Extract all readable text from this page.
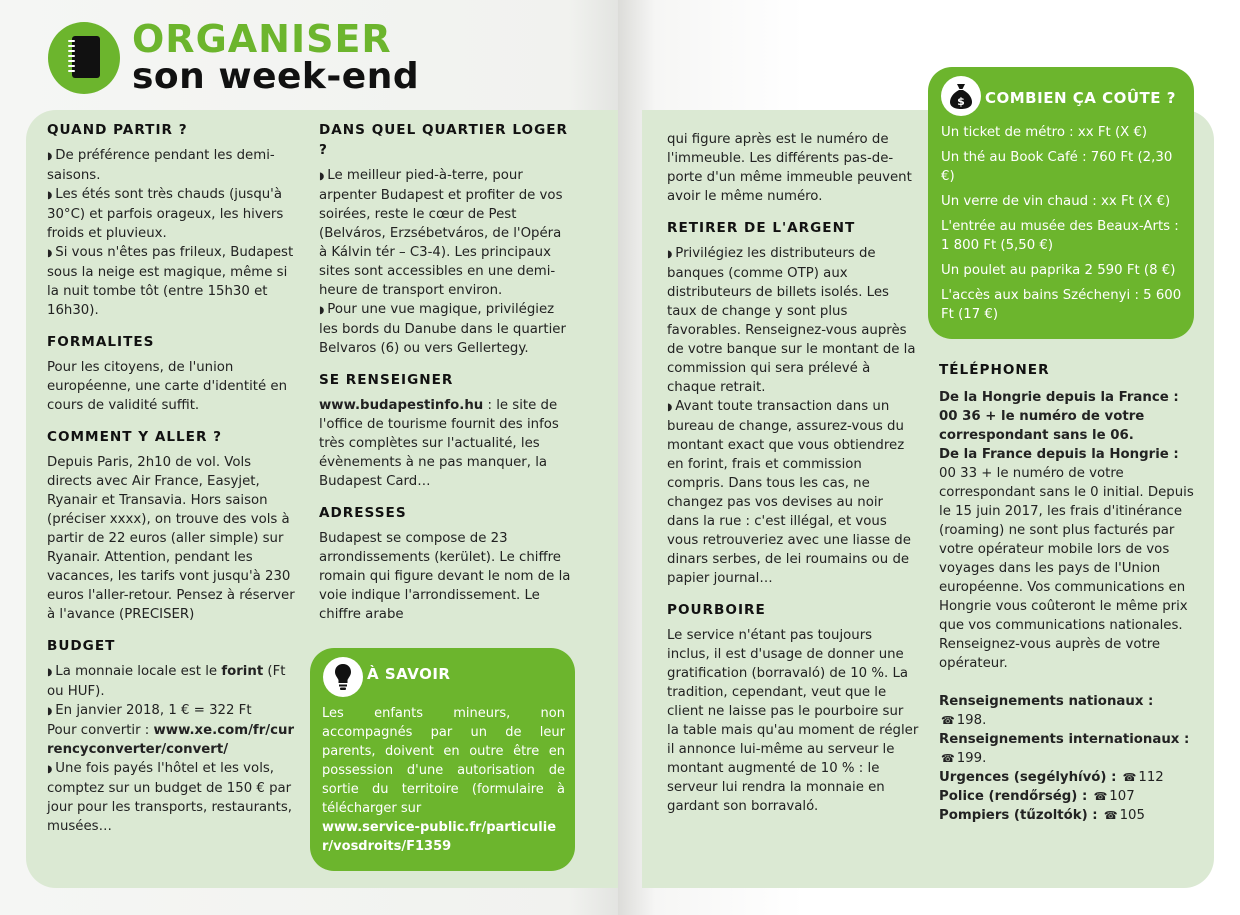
ORGANISER
son week-end
QUAND PARTIR ?

◗ De préférence pendant les demi-saisons.

◗ Les étés sont très chauds (jusqu'à 30°C) et parfois orageux, les hivers froids et pluvieux.

◗ Si vous n'êtes pas frileux, Budapest sous la neige est magique, même si la nuit tombe tôt (entre 15h30 et 16h30).

FORMALITES

Pour les citoyens, de l'union européenne, une carte d'identité en cours de validité suffit.

COMMENT Y ALLER ?

Depuis Paris, 2h10 de vol. Vols directs avec Air France, Easyjet, Ryanair et Transavia. Hors saison (préciser xxxx), on trouve des vols à partir de 22 euros (aller simple) sur Ryanair. Attention, pendant les vacances, les tarifs vont jusqu'à 230 euros l'aller-retour. Pensez à réserver à l'avance (PRECISER)

BUDGET

◗ La monnaie locale est le forint (Ft ou HUF).

◗ En janvier 2018, 1 € = 322 Ft
Pour convertir : www.xe.com/fr/currencyconverter/convert/

◗ Une fois payés l'hôtel et les vols, comptez sur un budget de 150 € par jour pour les transports, restaurants, musées…

DANS QUEL QUARTIER LOGER ?

◗ Le meilleur pied-à-terre, pour arpenter Budapest et profiter de vos soirées, reste le cœur de Pest (Belváros, Erzsébetváros, de l'Opéra à Kálvin tér – C3-4). Les principaux sites sont accessibles en une demi-heure de transport environ.

◗ Pour une vue magique, privilégiez les bords du Danube dans le quartier Belvaros (6) ou vers Gellertegy.

SE RENSEIGNER

www.budapestinfo.hu : le site de l'office de tourisme fournit des infos très complètes sur l'actualité, les évènements à ne pas manquer, la Budapest Card…

ADRESSES

Budapest se compose de 23 arrondissements (kerület). Le chiffre romain qui figure devant le nom de la voie indique l'arrondissement. Le chiffre arabe

À SAVOIR
Les enfants mineurs, non accompagnés par un de leur parents, doivent en outre être en possession d'une autorisation de sortie du territoire (formulaire à télécharger sur
www.service-public.fr/particulier/vosdroits/F1359

qui figure après est le numéro de l'immeuble. Les différents pas-de-porte d'un même immeuble peuvent avoir le même numéro.

RETIRER DE L'ARGENT

◗ Privilégiez les distributeurs de banques (comme OTP) aux distributeurs de billets isolés. Les taux de change y sont plus favorables. Renseignez-vous auprès de votre banque sur le montant de la commission qui sera prélevé à chaque retrait.

◗ Avant toute transaction dans un bureau de change, assurez-vous du montant exact que vous obtiendrez en forint, frais et commission compris. Dans tous les cas, ne changez pas vos devises au noir dans la rue : c'est illégal, et vous vous retrouveriez avec une liasse de dinars serbes, de lei roumains ou de papier journal…

POURBOIRE

Le service n'étant pas toujours inclus, il est d'usage de donner une gratification (borravaló) de 10 %. La tradition, cependant, veut que le client ne laisse pas le pourboire sur la table mais qu'au moment de régler il annonce lui-même au serveur le montant augmenté de 10 % : le serveur lui rendra la monnaie en gardant son borravaló.

$ COMBIEN ÇA COÛTE ?

Un ticket de métro : xx Ft (X €)

Un thé au Book Café : 760 Ft (2,30 €)

Un verre de vin chaud : xx Ft (X €)

L'entrée au musée des Beaux-Arts : 1 800 Ft (5,50 €)

Un poulet au paprika 2 590 Ft (8 €)

L'accès aux bains Széchenyi : 5 600 Ft (17 €)

TÉLÉPHONER

De la Hongrie depuis la France : 00 36 + le numéro de votre correspondant sans le 06.

De la France depuis la Hongrie : 00 33 + le numéro de votre correspondant sans le 0 initial. Depuis le 15 juin 2017, les frais d'itinérance (roaming) ne sont plus facturés par votre opérateur mobile lors de vos voyages dans les pays de l'Union européenne. Vos communications en Hongrie vous coûteront le même prix que vos communications nationales. Renseignez-vous auprès de votre opérateur.

Renseignements nationaux : ☎ 198.

Renseignements internationaux :
☎ 199.

Urgences (segélyhívó) : ☎ 112

Police (rendőrség) : ☎ 107

Pompiers (tűzoltók) : ☎ 105
